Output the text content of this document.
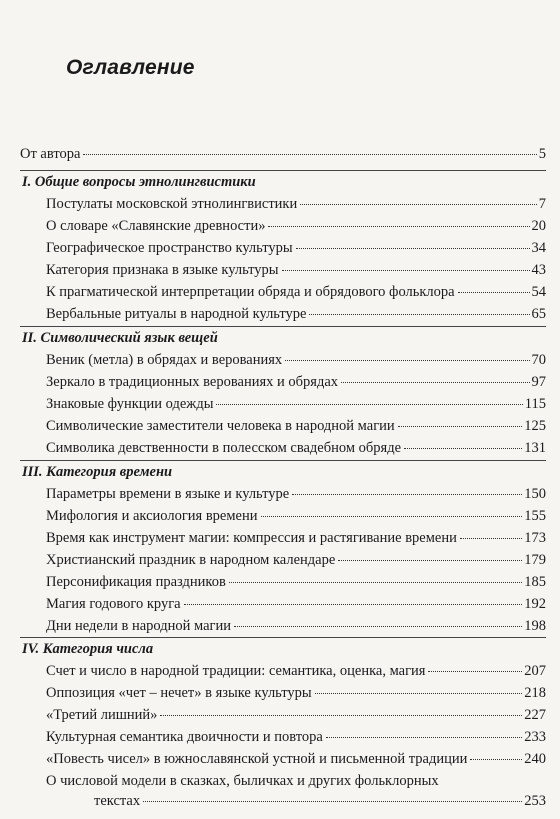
Оглавление
От автора	5
I. Общие вопросы этнолингвистики
Постулаты московской этнолингвистики	7
О словаре «Славянские древности»	20
Географическое пространство культуры	34
Категория признака в языке культуры	43
К прагматической интерпретации обряда и обрядового фольклора	54
Вербальные ритуалы в народной культуре	65
II. Символический язык вещей
Веник (метла) в обрядах и верованиях	70
Зеркало в традиционных верованиях и обрядах	97
Знаковые функции одежды	115
Символические заместители человека в народной магии	125
Символика девственности в полесском свадебном обряде	131
III. Категория времени
Параметры времени в языке и культуре	150
Мифология и аксиология времени	155
Время как инструмент магии: компрессия и растягивание времени	173
Христианский праздник в народном календаре	179
Персонификация праздников	185
Магия годового круга	192
Дни недели в народной магии	198
IV. Категория числа
Счет и число в народной традиции: семантика, оценка, магия	207
Оппозиция «чет – нечет» в языке культуры	218
«Третий лишний»	227
Культурная семантика двоичности и повтора	233
«Повесть чисел» в южнославянской устной и письменной традиции	240
О числовой модели в сказках, быличках и других фольклорных
текстах	253
